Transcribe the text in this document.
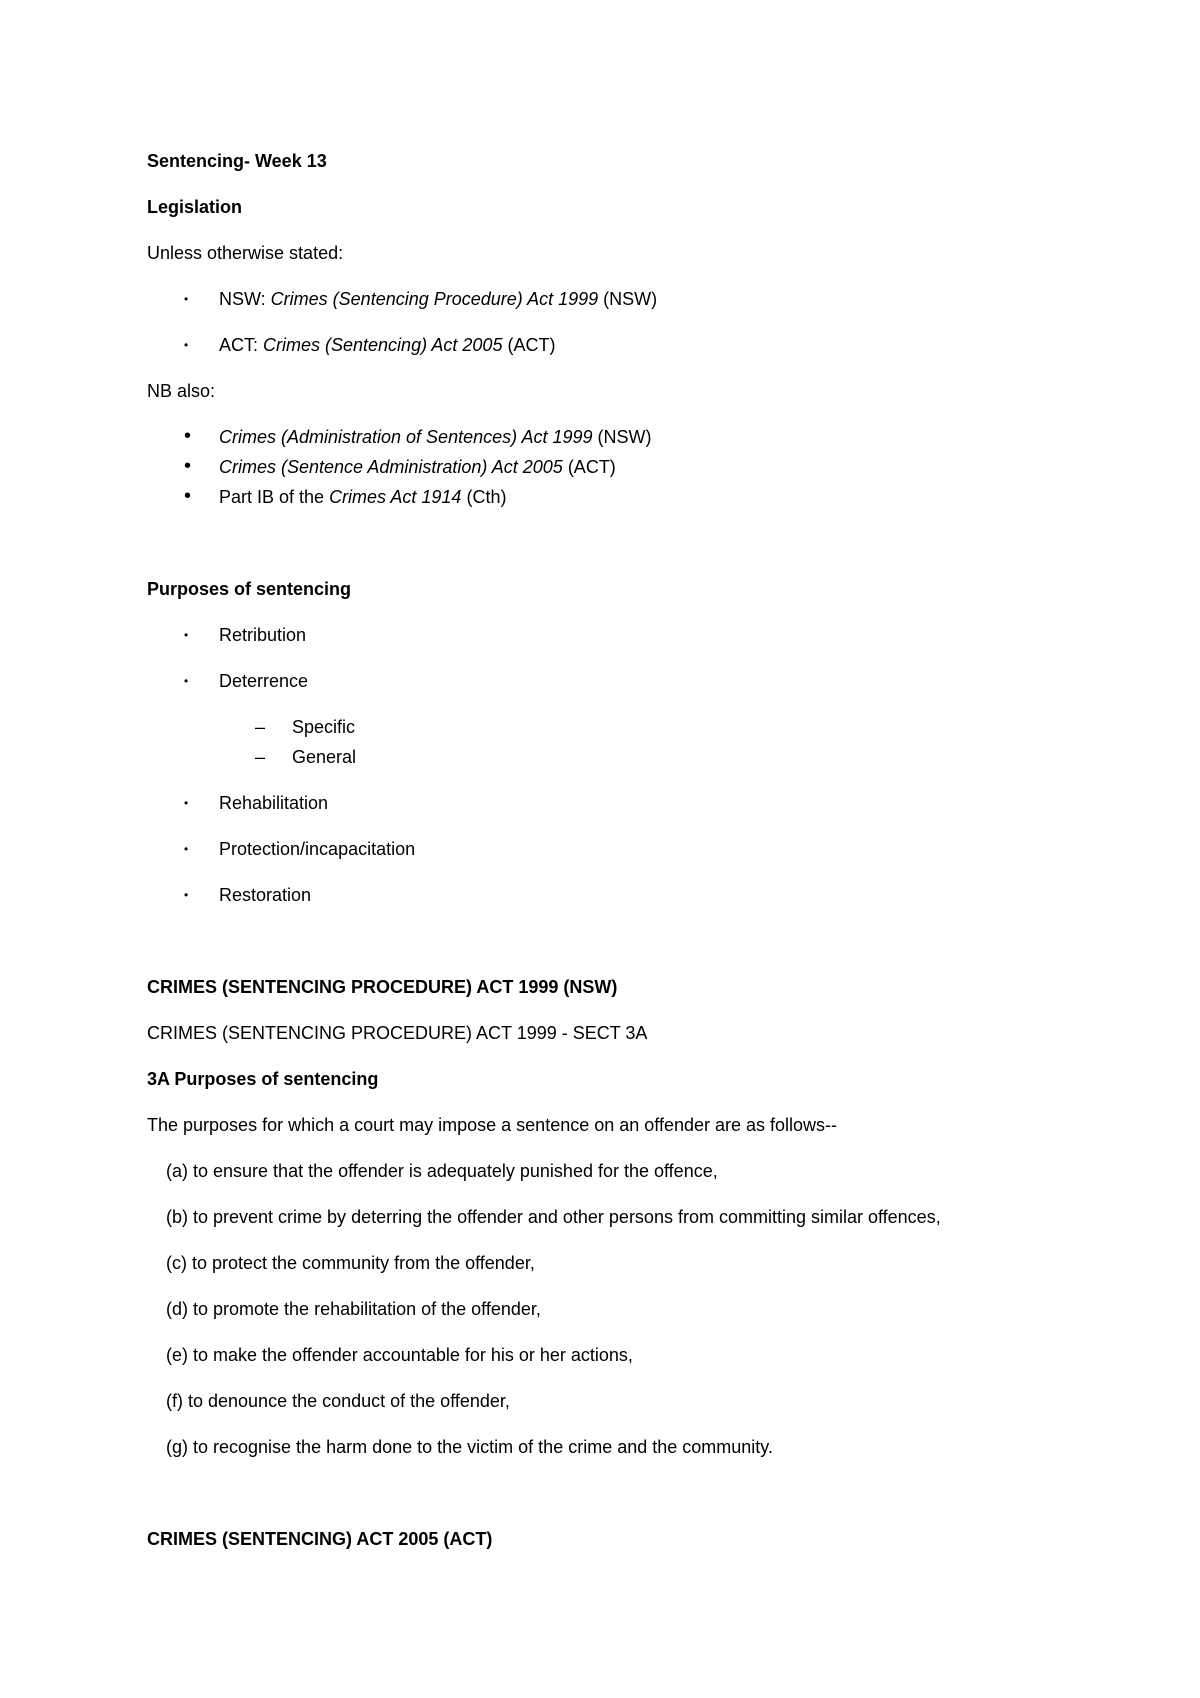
Sentencing- Week 13
Legislation
Unless otherwise stated:
• NSW: Crimes (Sentencing Procedure) Act 1999 (NSW)
• ACT: Crimes (Sentencing) Act 2005 (ACT)
NB also:
• Crimes (Administration of Sentences) Act 1999 (NSW)
• Crimes (Sentence Administration) Act 2005 (ACT)
• Part IB of the Crimes Act 1914 (Cth)
Purposes of sentencing
• Retribution
• Deterrence
– Specific
– General
• Rehabilitation
• Protection/incapacitation
• Restoration
CRIMES (SENTENCING PROCEDURE) ACT 1999 (NSW)
CRIMES (SENTENCING PROCEDURE) ACT 1999 - SECT 3A
3A Purposes of sentencing
The purposes for which a court may impose a sentence on an offender are as follows--
(a) to ensure that the offender is adequately punished for the offence,
(b) to prevent crime by deterring the offender and other persons from committing similar offences,
(c) to protect the community from the offender,
(d) to promote the rehabilitation of the offender,
(e) to make the offender accountable for his or her actions,
(f) to denounce the conduct of the offender,
(g) to recognise the harm done to the victim of the crime and the community.
CRIMES (SENTENCING) ACT 2005 (ACT)
